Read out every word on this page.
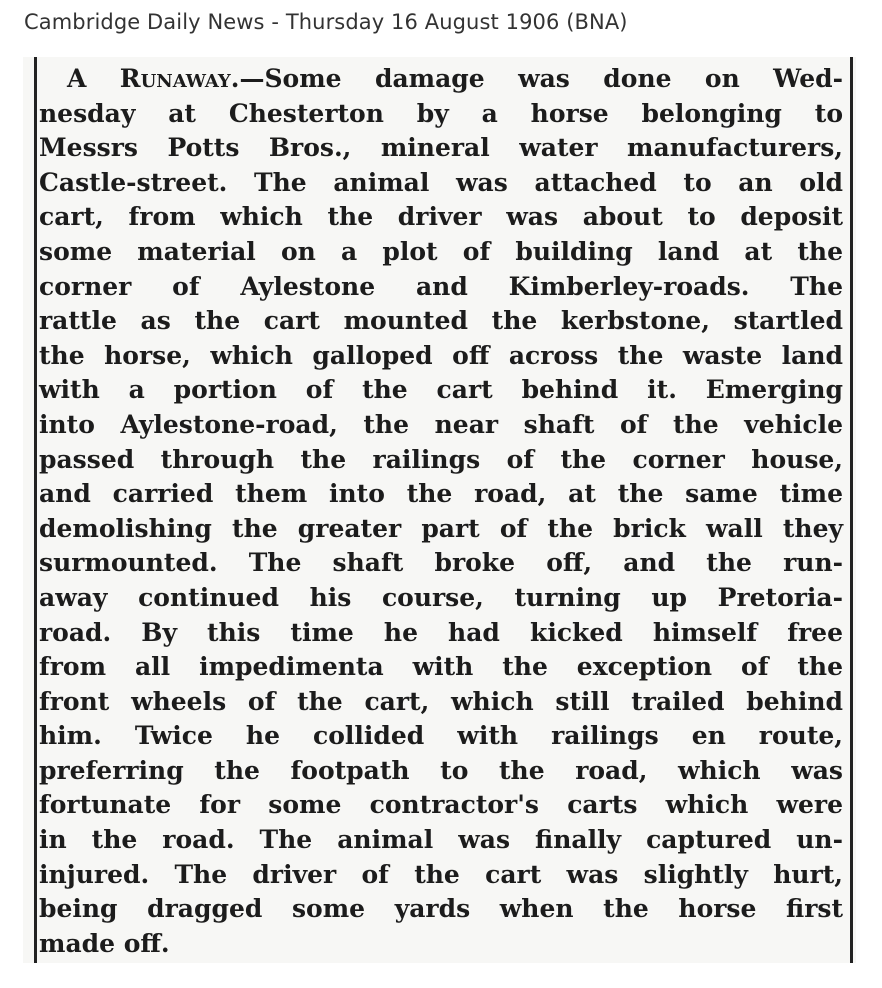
Cambridge Daily News - Thursday 16 August 1906 (BNA)
A Runaway.—Some damage was done on Wed-
nesday at Chesterton by a horse belonging to
Messrs Potts Bros., mineral water manufacturers,
Castle-street. The animal was attached to an old
cart, from which the driver was about to deposit
some material on a plot of building land at the
corner of Aylestone and Kimberley-roads. The
rattle as the cart mounted the kerbstone, startled
the horse, which galloped off across the waste land
with a portion of the cart behind it. Emerging
into Aylestone-road, the near shaft of the vehicle
passed through the railings of the corner house,
and carried them into the road, at the same time
demolishing the greater part of the brick wall they
surmounted. The shaft broke off, and the run-
away continued his course, turning up Pretoria-
road. By this time he had kicked himself free
from all impedimenta with the exception of the
front wheels of the cart, which still trailed behind
him. Twice he collided with railings en route,
preferring the footpath to the road, which was
fortunate for some contractor's carts which were
in the road. The animal was finally captured un-
injured. The driver of the cart was slightly hurt,
being dragged some yards when the horse first
made off.
